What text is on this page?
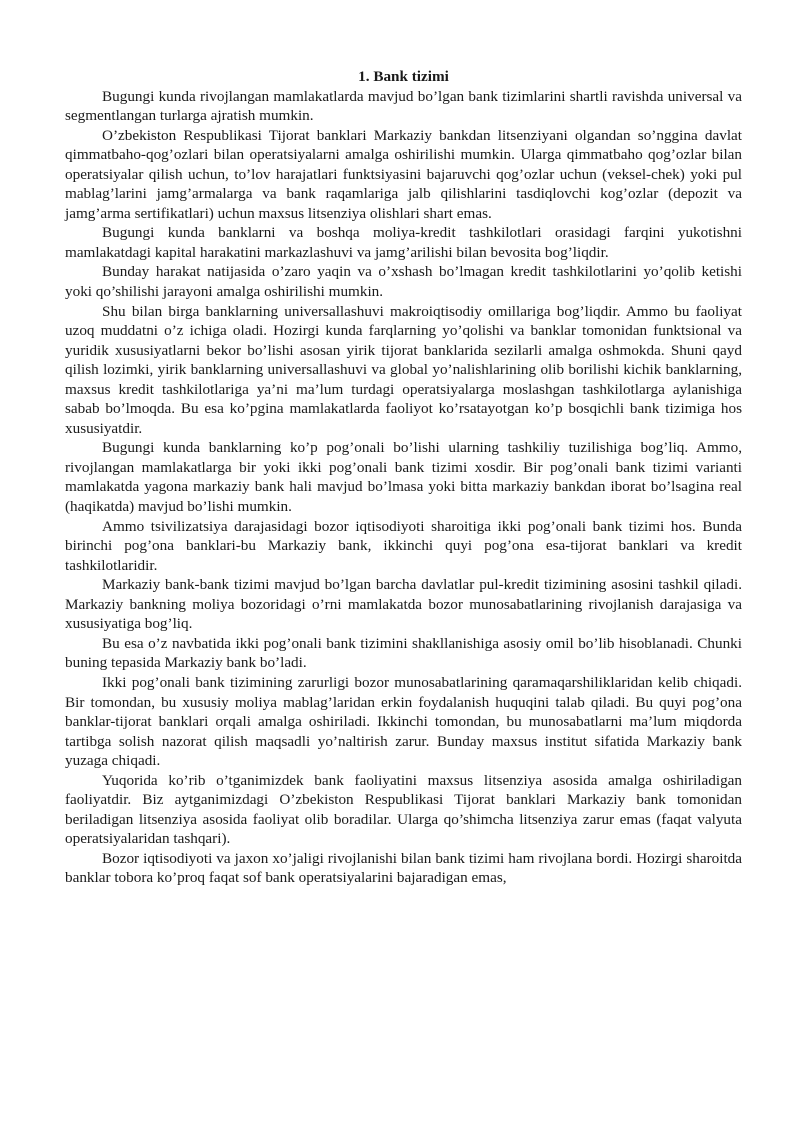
1. Bank tizimi

Bugungi kunda rivojlangan mamlakatlarda mavjud bo’lgan bank tizimlarini shartli ravishda universal va segmentlangan turlarga ajratish mumkin.

O’zbekiston Respublikasi Tijorat banklari Markaziy bankdan litsenziyani olgandan so’nggina davlat qimmatbaho-qog’ozlari bilan operatsiyalarni amalga oshirilishi mumkin. Ularga qimmatbaho qog’ozlar bilan operatsiyalar qilish uchun, to’lov harajatlari funktsiyasini bajaruvchi qog’ozlar uchun (veksel-chek) yoki pul mablag’larini jamg’armalarga va bank raqamlariga jalb qilishlarini tasdiqlovchi kog’ozlar (depozit va jamg’arma sertifikatlari) uchun maxsus litsenziya olishlari shart emas.

Bugungi kunda banklarni va boshqa moliya-kredit tashkilotlari orasidagi farqini yukotishni mamlakatdagi kapital harakatini markazlashuvi va jamg’arilishi bilan bevosita bog’liqdir.

Bunday harakat natijasida o’zaro yaqin va o’xshash bo’lmagan kredit tashkilotlarini yo’qolib ketishi yoki qo’shilishi jarayoni amalga oshirilishi mumkin.

Shu bilan birga banklarning universallashuvi makroiqtisodiy omillariga bog’liqdir. Ammo bu faoliyat uzoq muddatni o’z ichiga oladi. Hozirgi kunda farqlarning yo’qolishi va banklar tomonidan funktsional va yuridik xususiyatlarni bekor bo’lishi asosan yirik tijorat banklarida sezilarli amalga oshmokda. Shuni qayd qilish lozimki, yirik banklarning universallashuvi va global yo’nalishlarining olib borilishi kichik banklarning, maxsus kredit tashkilotlariga ya’ni ma’lum turdagi operatsiyalarga moslashgan tashkilotlarga aylanishiga sabab bo’lmoqda. Bu esa ko’pgina mamlakatlarda faoliyot ko’rsatayotgan ko’p bosqichli bank tizimiga hos xususiyatdir.

Bugungi kunda banklarning ko’p pog’onali bo’lishi ularning tashkiliy tuzilishiga bog’liq. Ammo, rivojlangan mamlakatlarga bir yoki ikki pog’onali bank tizimi xosdir. Bir pog’onali bank tizimi varianti mamlakatda yagona markaziy bank hali mavjud bo’lmasa yoki bitta markaziy bankdan iborat bo’lsagina real (haqikatda) mavjud bo’lishi mumkin.

Ammo tsivilizatsiya darajasidagi bozor iqtisodiyoti sharoitiga ikki pog’onali bank tizimi hos. Bunda birinchi pog’ona banklari-bu Markaziy bank, ikkinchi quyi pog’ona esa-tijorat banklari va kredit tashkilotlaridir.

Markaziy bank-bank tizimi mavjud bo’lgan barcha davlatlar pul-kredit tizimining asosini tashkil qiladi. Markaziy bankning moliya bozoridagi o’rni mamlakatda bozor munosabatlarining rivojlanish darajasiga va xususiyatiga bog’liq.

Bu esa o’z navbatida ikki pog’onali bank tizimini shakllanishiga asosiy omil bo’lib hisoblanadi. Chunki buning tepasida Markaziy bank bo’ladi.

Ikki pog’onali bank tizimining zarurligi bozor munosabatlarining qaramaqarshiliklaridan kelib chiqadi. Bir tomondan, bu xususiy moliya mablag’laridan erkin foydalanish huquqini talab qiladi. Bu quyi pog’ona banklar-tijorat banklari orqali amalga oshiriladi. Ikkinchi tomondan, bu munosabatlarni ma’lum miqdorda tartibga solish nazorat qilish maqsadli yo’naltirish zarur. Bunday maxsus institut sifatida Markaziy bank yuzaga chiqadi.

Yuqorida ko’rib o’tganimizdek bank faoliyatini maxsus litsenziya asosida amalga oshiriladigan faoliyatdir. Biz aytganimizdagi O’zbekiston Respublikasi Tijorat banklari Markaziy bank tomonidan beriladigan litsenziya asosida faoliyat olib boradilar. Ularga qo’shimcha litsenziya zarur emas (faqat valyuta operatsiyalaridan tashqari).

Bozor iqtisodiyoti va jaxon xo’jaligi rivojlanishi bilan bank tizimi ham rivojlana bordi. Hozirgi sharoitda banklar tobora ko’proq faqat sof bank operatsiyalarini bajaradigan emas,
